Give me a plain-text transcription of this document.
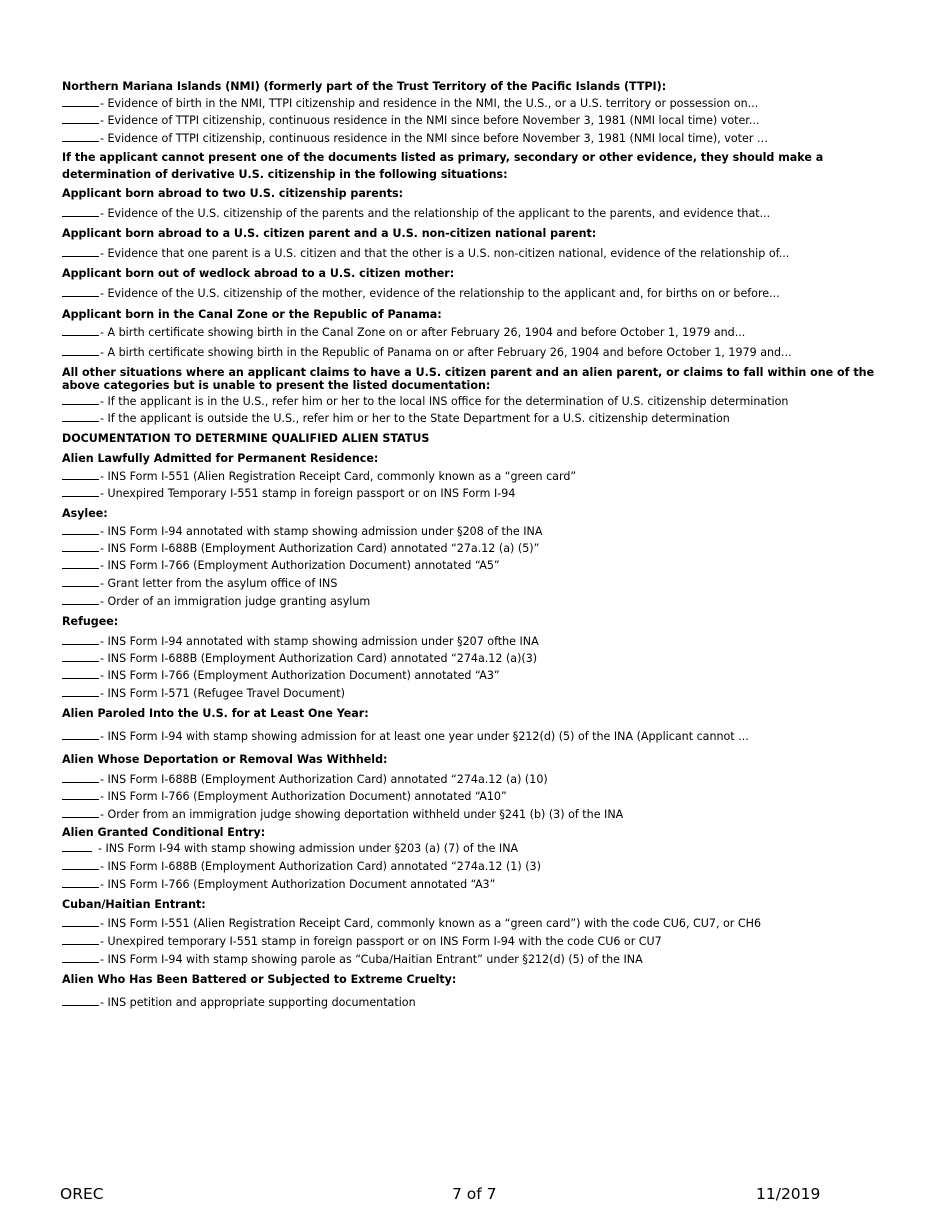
Northern Mariana Islands (NMI) (formerly part of the Trust Territory of the Pacific Islands (TTPI):
- Evidence of birth in the NMI, TTPI citizenship and residence in the NMI, the U.S., or a U.S. territory or possession on...
- Evidence of TTPI citizenship, continuous residence in the NMI since before November 3, 1981 (NMI local time) voter...
- Evidence of TTPI citizenship, continuous residence in the NMI since before November 3, 1981 (NMI local time), voter …
If the applicant cannot present one of the documents listed as primary, secondary or other evidence, they should make a determination of derivative U.S. citizenship in the following situations:
Applicant born abroad to two U.S. citizenship parents:
- Evidence of the U.S. citizenship of the parents and the relationship of the applicant to the parents, and evidence that...
Applicant born abroad to a U.S. citizen parent and a U.S. non-citizen national parent:
- Evidence that one parent is a U.S. citizen and that the other is a U.S. non-citizen national, evidence of the relationship of...
Applicant born out of wedlock abroad to a U.S. citizen mother:
- Evidence of the U.S. citizenship of the mother, evidence of the relationship to the applicant and, for births on or before...
Applicant born in the Canal Zone or the Republic of Panama:
- A birth certificate showing birth in the Canal Zone on or after February 26, 1904 and before October 1, 1979 and...
- A birth certificate showing birth in the Republic of Panama on or after February 26, 1904 and before October 1, 1979 and...
All other situations where an applicant claims to have a U.S. citizen parent and an alien parent, or claims to fall within one of the above categories but is unable to present the listed documentation:
- If the applicant is in the U.S., refer him or her to the local INS office for the determination of U.S. citizenship determination
- If the applicant is outside the U.S., refer him or her to the State Department for a U.S. citizenship determination
DOCUMENTATION TO DETERMINE QUALIFIED ALIEN STATUS
Alien Lawfully Admitted for Permanent Residence:
- INS Form I-551 (Alien Registration Receipt Card, commonly known as a “green card”
- Unexpired Temporary I-551 stamp in foreign passport or on INS Form I-94
Asylee:
- INS Form I-94 annotated with stamp showing admission under §208 of the INA
- INS Form I-688B (Employment Authorization Card) annotated “27a.12 (a) (5)”
- INS Form I-766 (Employment Authorization Document) annotated “A5”
- Grant letter from the asylum office of INS
- Order of an immigration judge granting asylum
Refugee:
- INS Form I-94 annotated with stamp showing admission under §207 ofthe INA
- INS Form I-688B (Employment Authorization Card) annotated “274a.12 (a)(3)
- INS Form I-766 (Employment Authorization Document) annotated “A3”
- INS Form I-571 (Refugee Travel Document)
Alien Paroled Into the U.S. for at Least One Year:
- INS Form I-94 with stamp showing admission for at least one year under §212(d) (5) of the INA (Applicant cannot ...
Alien Whose Deportation or Removal Was Withheld:
- INS Form I-688B (Employment Authorization Card) annotated “274a.12 (a) (10)
- INS Form I-766 (Employment Authorization Document) annotated “A10”
- Order from an immigration judge showing deportation withheld under §241 (b) (3) of the INA
Alien Granted Conditional Entry:
- INS Form I-94 with stamp showing admission under §203 (a) (7) of the INA
- INS Form I-688B (Employment Authorization Card) annotated “274a.12 (1) (3)
- INS Form I-766 (Employment Authorization Document annotated “A3”
Cuban/Haitian Entrant:
- INS Form I-551 (Alien Registration Receipt Card, commonly known as a “green card”) with the code CU6, CU7, or CH6
- Unexpired temporary I-551 stamp in foreign passport or on INS Form I-94 with the code CU6 or CU7
- INS Form I-94 with stamp showing parole as “Cuba/Haitian Entrant” under §212(d) (5) of the INA
Alien Who Has Been Battered or Subjected to Extreme Cruelty:
- INS petition and appropriate supporting documentation
OREC	7 of 7	11/2019
